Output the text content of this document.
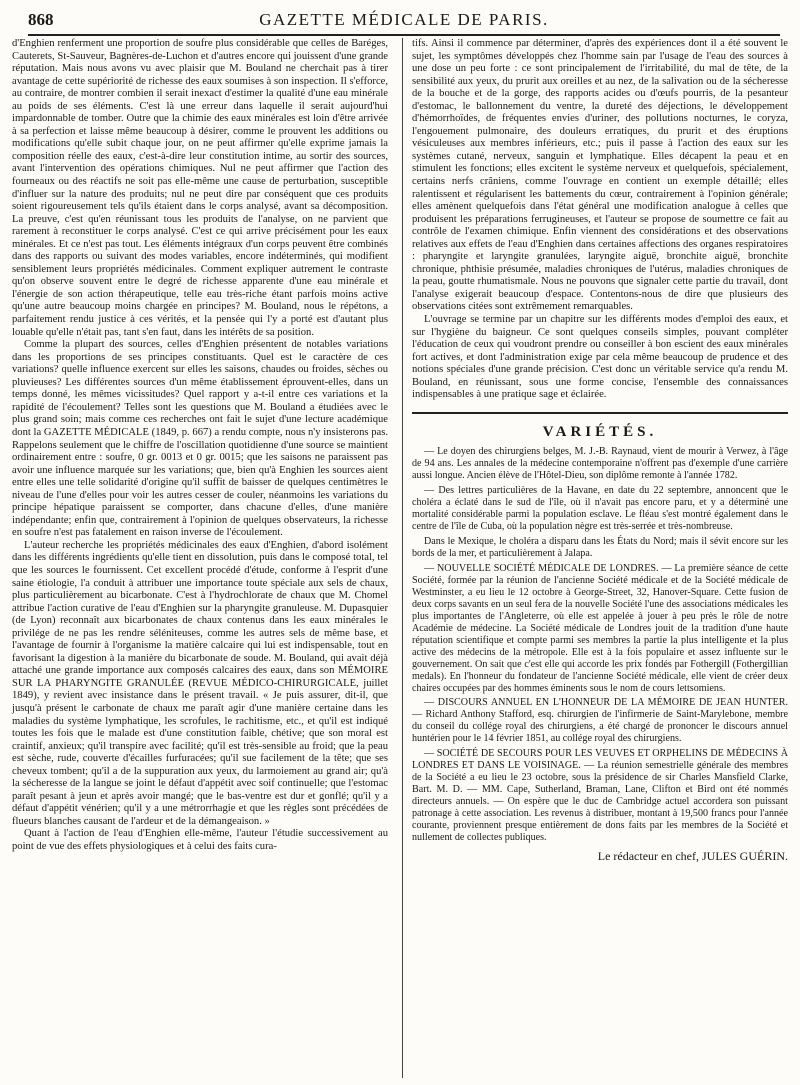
868	GAZETTE MÉDICALE DE PARIS.

d'Enghien renferment une proportion de soufre plus considérable que celles de Baréges, Cauterets, St-Sauveur, Bagnères-de-Luchon et d'autres encore qui jouissent d'une grande réputation. Mais nous avons vu avec plaisir que M. Bouland ne cherchait pas à tirer avantage de cette supériorité de richesse des eaux soumises à son inspection. Il s'efforce, au contraire, de montrer combien il serait inexact d'estimer la qualité d'une eau minérale au poids de ses éléments. C'est là une erreur dans laquelle il serait aujourd'hui impardonnable de tomber. Outre que la chimie des eaux minérales est loin d'être arrivée à sa perfection et laisse même beaucoup à désirer, comme le prouvent les additions ou modifications qu'elle subit chaque jour, on ne peut affirmer qu'elle exprime jamais la composition réelle des eaux, c'est-à-dire leur constitution intime, au sortir des sources, avant l'intervention des opérations chimiques. Nul ne peut affirmer que l'action des fourneaux ou des réactifs ne soit pas elle-même une cause de perturbation, susceptible d'influer sur la nature des produits; nul ne peut dire par conséquent que ces produits soient rigoureusement tels qu'ils étaient dans le corps analysé, avant sa décomposition. La preuve, c'est qu'en réunissant tous les produits de l'analyse, on ne parvient que rarement à reconstituer le corps analysé. C'est ce qui arrive précisément pour les eaux minérales. Et ce n'est pas tout. Les éléments intégraux d'un corps peuvent être combinés dans des rapports ou suivant des modes variables, encore indéterminés, qui modifient sensiblement leurs propriétés médicinales. Comment expliquer autrement le contraste qu'on observe souvent entre le degré de richesse apparente d'une eau minérale et l'énergie de son action thérapeutique, telle eau très-riche étant parfois moins active qu'une autre beaucoup moins chargée en principes? M. Bouland, nous le répétons, a parfaitement rendu justice à ces vérités, et la pensée qui l'y a porté est d'autant plus louable qu'elle n'était pas, tant s'en faut, dans les intérêts de sa position.

Comme la plupart des sources, celles d'Enghien présentent de notables variations dans les proportions de ses principes constituants. Quel est le caractère de ces variations? quelle influence exercent sur elles les saisons, chaudes ou froides, sèches ou pluvieuses? Les différentes sources d'un même établissement éprouvent-elles, dans un temps donné, les mêmes vicissitudes? Quel rapport y a-t-il entre ces variations et la rapidité de l'écoulement? Telles sont les questions que M. Bouland a étudiées avec le plus grand soin; mais comme ces recherches ont fait le sujet d'une lecture académique dont la GAZETTE MÉDICALE (1849, p. 667) a rendu compte, nous n'y insisterons pas. Rappelons seulement que le chiffre de l'oscillation quotidienne d'une source se maintient ordinairement entre : soufre, 0 gr. 0013 et 0 gr. 0015; que les saisons ne paraissent pas avoir une influence marquée sur les variations; que, bien qu'à Enghien les sources aient entre elles une telle solidarité d'origine qu'il suffit de baisser de quelques centimètres le niveau de l'une d'elles pour voir les autres cesser de couler, néanmoins les variations du principe hépatique paraissent se comporter, dans chacune d'elles, d'une manière indépendante; enfin que, contrairement à l'opinion de quelques observateurs, la richesse en soufre n'est pas fatalement en raison inverse de l'écoulement.

L'auteur recherche les propriétés médicinales des eaux d'Enghien, d'abord isolément dans les différents ingrédients qu'elle tient en dissolution, puis dans le composé total, tel que les sources le fournissent. Cet excellent procédé d'étude, conforme à l'esprit d'une saine étiologie, l'a conduit à attribuer une importance toute spéciale aux sels de chaux, plus particulièrement au bicarbonate. C'est à l'hydrochlorate de chaux que M. Chomel attribue l'action curative de l'eau d'Enghien sur la pharyngite granuleuse. M. Dupasquier (de Lyon) reconnaît aux bicarbonates de chaux contenus dans les eaux minérales le privilége de ne pas les rendre séléniteuses, comme les autres sels de même base, et l'avantage de fournir à l'organisme la matière calcaire qui lui est indispensable, tout en favorisant la digestion à la manière du bicarbonate de soude. M. Bouland, qui avait déjà attaché une grande importance aux composés calcaires des eaux, dans son MÉMOIRE SUR LA PHARYNGITE GRANULÉE (REVUE MÉDICO-CHIRURGICALE, juillet 1849), y revient avec insistance dans le présent travail. « Je puis assurer, dit-il, que jusqu'à présent le carbonate de chaux me paraît agir d'une manière certaine dans les maladies du système lymphatique, les scrofules, le rachitisme, etc., et qu'il est indiqué toutes les fois que le malade est d'une constitution faible, chétive; que son moral est craintif, anxieux; qu'il transpire avec facilité; qu'il est très-sensible au froid; que la peau est sèche, rude, couverte d'écailles furfuracées; qu'il sue facilement de la tête; que ses cheveux tombent; qu'il a de la suppuration aux yeux, du larmoiement au grand air; qu'à la sécheresse de la langue se joint le défaut d'appétit avec soif continuelle; que l'estomac paraît pesant à jeun et après avoir mangé; que le bas-ventre est dur et gonflé; qu'il y a défaut d'appétit vénérien; qu'il y a une métrorrhagie et que les règles sont précédées de flueurs blanches causant de l'ardeur et de la démangeaison. »

Quant à l'action de l'eau d'Enghien elle-même, l'auteur l'étudie successivement au point de vue des effets physiologiques et à celui des faits cura-

tifs. Ainsi il commence par déterminer, d'après des expériences dont il a été souvent le sujet, les symptômes développés chez l'homme sain par l'usage de l'eau des sources à une dose un peu forte : ce sont principalement de l'irritabilité, du mal de tête, de la sensibilité aux yeux, du prurit aux oreilles et au nez, de la salivation ou de la sécheresse de la bouche et de la gorge, des rapports acides ou d'œufs pourris, de la pesanteur d'estomac, le ballonnement du ventre, la dureté des déjections, le développement d'hémorrhoïdes, de fréquentes envies d'uriner, des pollutions nocturnes, le coryza, l'engouement pulmonaire, des douleurs erratiques, du prurit et des éruptions vésiculeuses aux membres inférieurs, etc.; puis il passe à l'action des eaux sur les systèmes cutané, nerveux, sanguin et lymphatique. Elles décapent la peau et en stimulent les fonctions; elles excitent le système nerveux et quelquefois, spécialement, certains nerfs crâniens, comme l'ouvrage en contient un exemple détaillé; elles ralentissent et régularisent les battements du cœur, contrairement à l'opinion générale; elles amènent quelquefois dans l'état général une modification analogue à celles que produisent les préparations ferrugineuses, et l'auteur se propose de soumettre ce fait au contrôle de l'examen chimique. Enfin viennent des considérations et des observations relatives aux effets de l'eau d'Enghien dans certaines affections des organes respiratoires : pharyngite et laryngite granulées, laryngite aiguë, bronchite aiguë, bronchite chronique, phthisie présumée, maladies chroniques de l'utérus, maladies chroniques de la peau, goutte rhumatismale. Nous ne pouvons que signaler cette partie du travail, dont l'analyse exigerait beaucoup d'espace. Contentons-nous de dire que plusieurs des observations citées sont extrêmement remarquables.

L'ouvrage se termine par un chapitre sur les différents modes d'emploi des eaux, et sur l'hygiène du baigneur. Ce sont quelques conseils simples, pouvant compléter l'éducation de ceux qui voudront prendre ou conseiller à bon escient des eaux minérales fort actives, et dont l'administration exige par cela même beaucoup de prudence et des notions spéciales d'une grande précision. C'est donc un véritable service qu'a rendu M. Bouland, en réunissant, sous une forme concise, l'ensemble des connaissances indispensables à une pratique sage et éclairée.

VARIÉTÉS.

— Le doyen des chirurgiens belges, M. J.-B. Raynaud, vient de mourir à Verwez, à l'âge de 94 ans. Les annales de la médecine contemporaine n'offrent pas d'exemple d'une carrière aussi longue. Ancien élève de l'Hôtel-Dieu, son diplôme remonte à l'année 1782.

— Des lettres particulières de la Havane, en date du 22 septembre, annoncent que le choléra a éclaté dans le sud de l'île, où il n'avait pas encore paru, et y a déterminé une mortalité considérable parmi la population esclave. Le fléau s'est montré également dans le centre de l'île de Cuba, où la population nègre est très-serrée et très-nombreuse.

Dans le Mexique, le choléra a disparu dans les États du Nord; mais il sévit encore sur les bords de la mer, et particulièrement à Jalapa.

— NOUVELLE SOCIÉTÉ MÉDICALE DE LONDRES. — La première séance de cette Société, formée par la réunion de l'ancienne Société médicale et de la Société médicale de Westminster, a eu lieu le 12 octobre à George-Street, 32, Hanover-Square. Cette fusion de deux corps savants en un seul fera de la nouvelle Société l'une des associations médicales les plus importantes de l'Angleterre, où elle est appelée à jouer à peu près le rôle de notre Académie de médecine. La Société médicale de Londres jouit de la tradition d'une haute réputation scientifique et compte parmi ses membres la partie la plus intelligente et la plus active des médecins de la métropole. Elle est à la fois populaire et assez influente sur le gouvernement. On sait que c'est elle qui accorde les prix fondés par Fothergill (Fothergillian medals). En l'honneur du fondateur de l'ancienne Société médicale, elle vient de créer deux chaires occupées par des hommes éminents sous le nom de cours lettsomiens.

— DISCOURS ANNUEL EN L'HONNEUR DE LA MÉMOIRE DE JEAN HUNTER. — Richard Anthony Stafford, esq. chirurgien de l'infirmerie de Saint-Marylebone, membre du conseil du collége royal des chirurgiens, a été chargé de prononcer le discours annuel huntérien pour le 14 février 1851, au collége royal des chirurgiens.

— SOCIÉTÉ DE SECOURS POUR LES VEUVES ET ORPHELINS DE MÉDECINS À LONDRES ET DANS LE VOISINAGE. — La réunion semestrielle générale des membres de la Société a eu lieu le 23 octobre, sous la présidence de sir Charles Mansfield Clarke, Bart. M. D. — MM. Cape, Sutherland, Braman, Lane, Clifton et Bird ont été nommés directeurs annuels. — On espère que le duc de Cambridge actuel accordera son puissant patronage à cette association. Les revenus à distribuer, montant à 19,500 francs pour l'année courante, proviennent presque entièrement de dons faits par les membres de la Société et nullement de collectes publiques.

Le rédacteur en chef, JULES GUÉRIN.
